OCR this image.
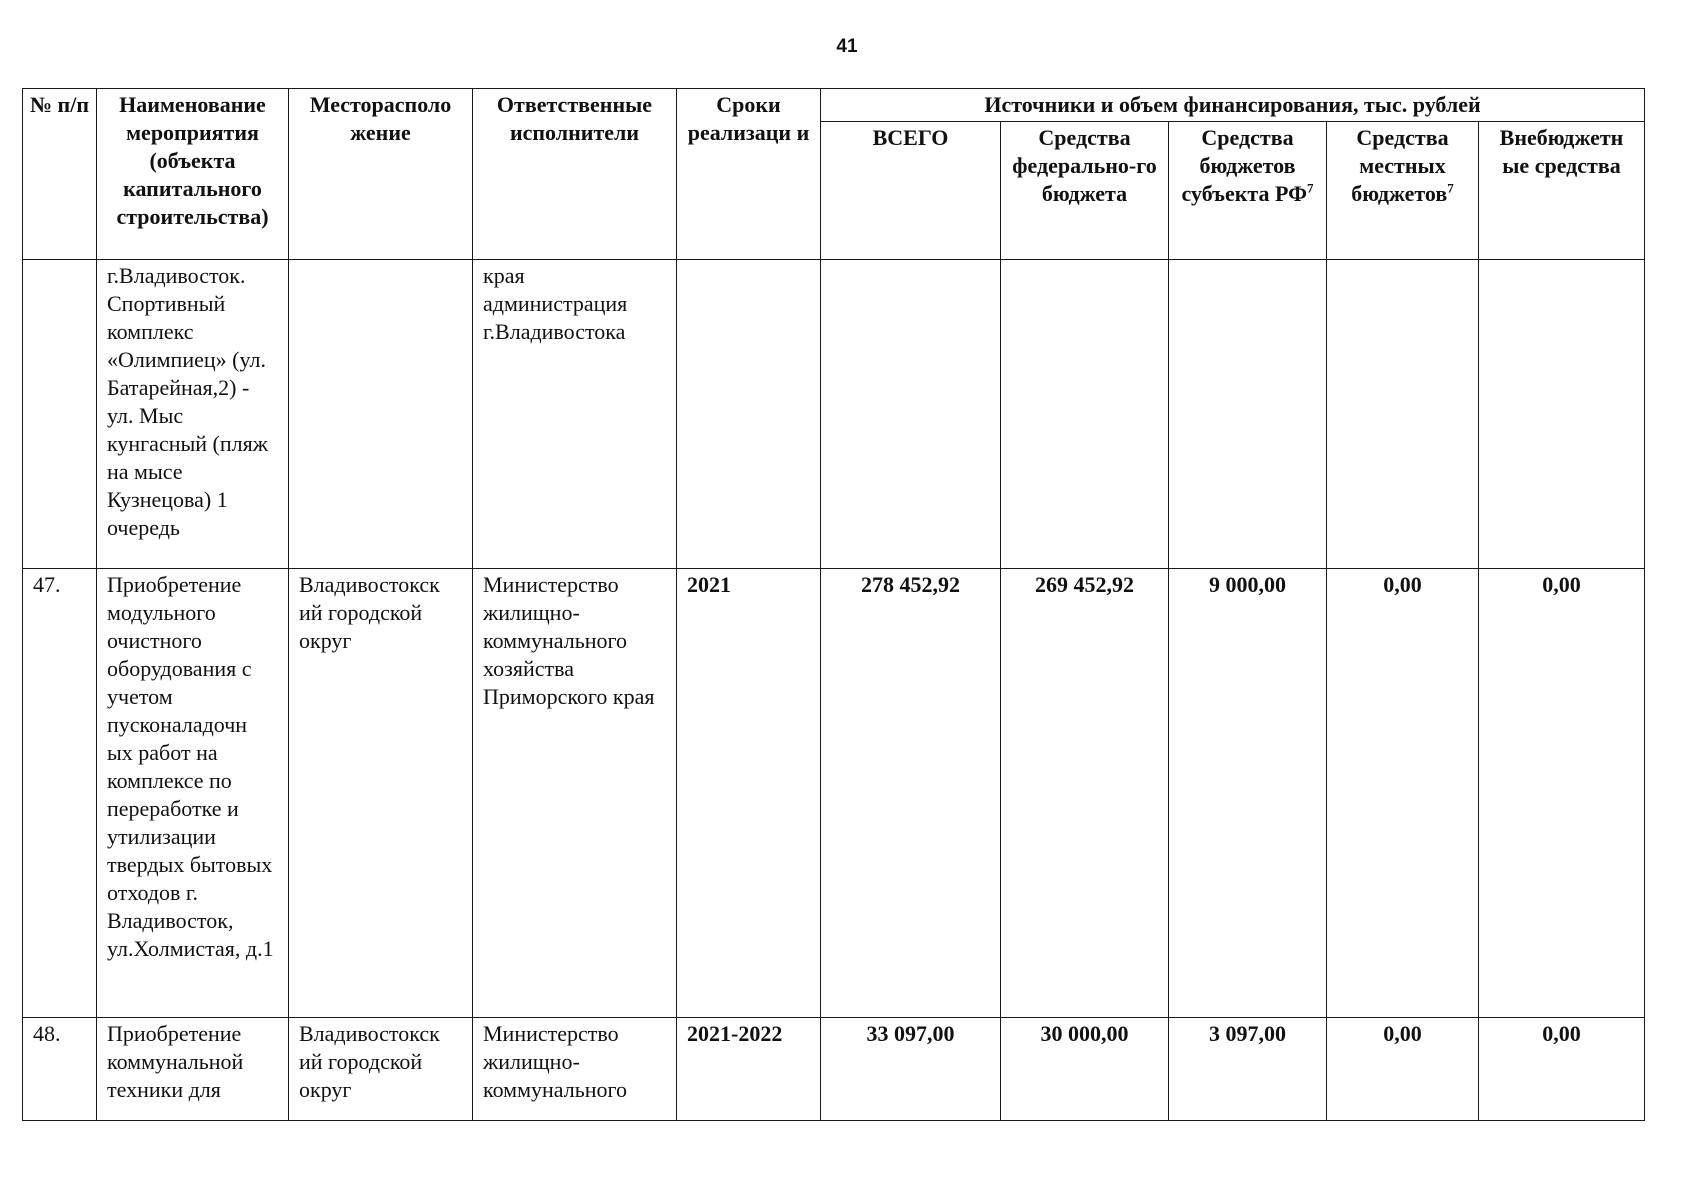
41
№ п/п	Наименование мероприятия (объекта капитального строительства)	Месторасполо жение	Ответственные исполнители	Сроки реализаци и	Источники и объем финансирования, тыс. рублей				
					ВСЕГО	Средства федерально-го бюджета	Средства бюджетов субъекта $РФ^7$	Средства местных бюджетов$^7$	Внебюджетн ые средства
	г.Владивосток. Спортивный комплекс «Олимпиец» (ул. Батарейная,2) - ул. Мыс кунгасный (пляж на мысе Кузнецова) 1 очередь		края администрация г.Владивостока						
47.	Приобретение модульного очистного оборудования с учетом пусконаладочн ых работ на комплексе по переработке и утилизации твердых бытовых отходов г. Владивосток, ул.Холмистая, д.1	Владивостокск ий городской округ	Министерство жилищно-коммунального хозяйства Приморского края	2021	278 452,92	269 452,92	9 000,00	0,00	0,00
48.	Приобретение коммунальной техники для	Владивостокск ий городской округ	Министерство жилищно-коммунального	2021-2022	33 097,00	30 000,00	3 097,00	0,00	0,00
